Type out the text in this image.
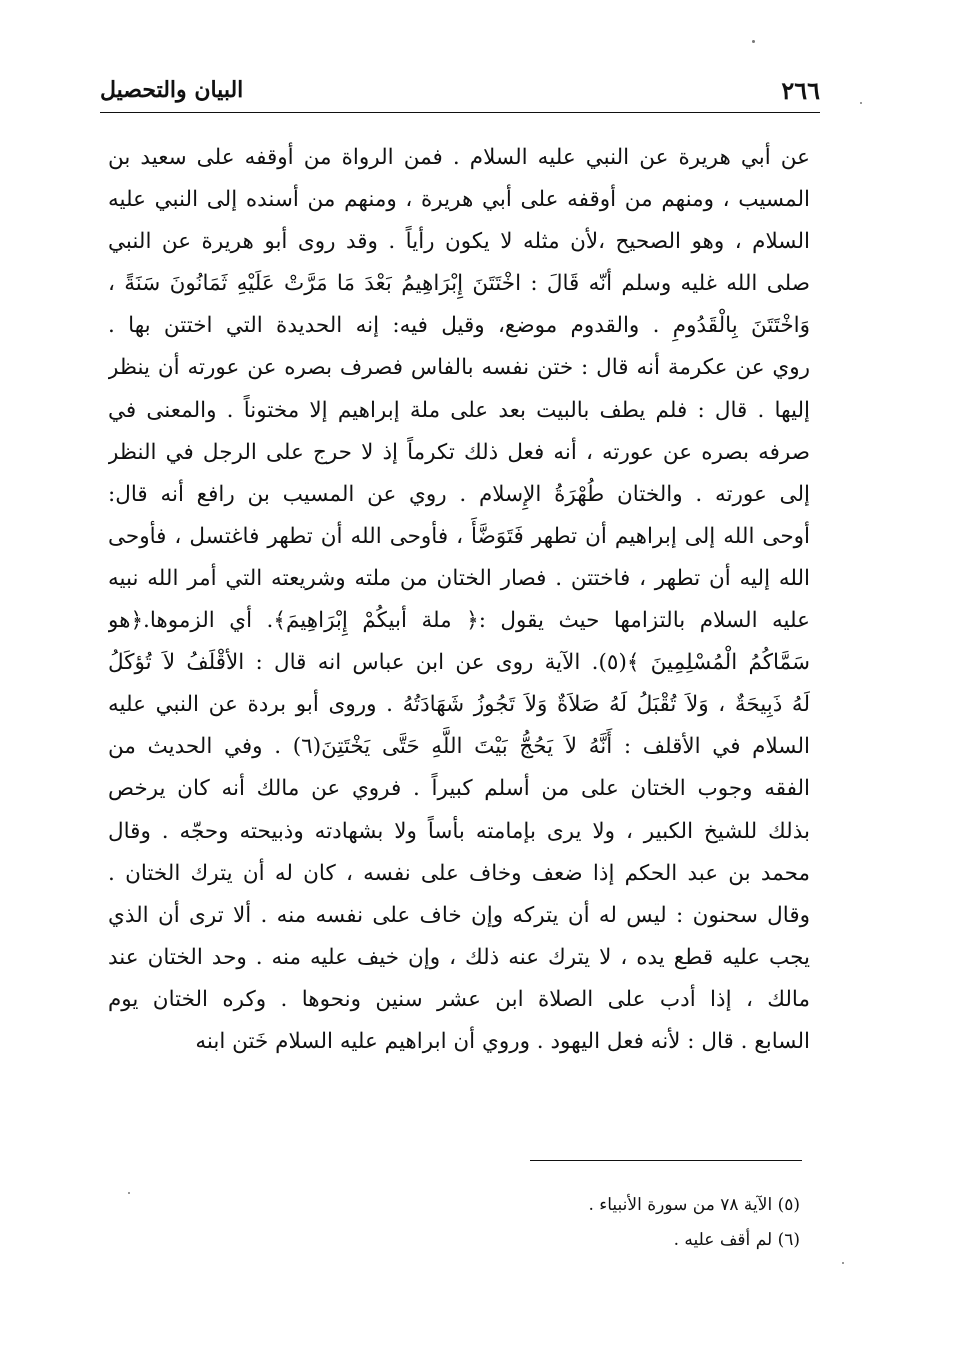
البيان والتحصيل	٢٦٦
عن أبي هريرة عن النبي عليه السلام . فمن الرواة من أوقفه على سعيد بن
المسيب ، ومنهم من أوقفه على أبي هريرة ، ومنهم من أسنده إلى النبي عليه
السلام ، وهو الصحيح ،لأن مثله لا يكون رأياً . وقد روى أبو هريرة عن النبي
صلى الله غليه وسلم أنّه قَالَ : اخْتَتَنَ إِبْرَاهِيمُ بَعْدَ مَا مَرَّتْ عَلَيْهِ ثَمَانُونَ سَنَةً ،
وَاخْتَتَنَ بِالْقَدُومِ . والقدوم موضع، وقيل فيه: إنه الحديدة التي اختتن بها .
روي عن عكرمة أنه قال : ختن نفسه بالفاس فصرف بصره عن عورته أن ينظر
إليها . قال : فلم يطف بالبيت بعد على ملة إبراهيم إلا مختوناً . والمعنى في
صرفه بصره عن عورته ، أنه فعل ذلك تكرماً إذ لا حرج على الرجل في النظر
إلى عورته . والختان طُهْرَةُ الإِسلام . روي عن المسيب بن رافع أنه قال:
أوحى الله إلى إبراهيم أن تطهر فَتَوَضَّأَ ، فأوحى الله أن تطهر فاغتسل ، فأوحى
الله إليه أن تطهر ، فاختتن . فصار الختان من ملته وشريعته التي أمر الله نبيه
عليه السلام بالتزامها حيث يقول :﴿ ملة أبيكُمْ إِبْرَاهِيمَ﴾. أي الزموها.﴿هو
سَمَّاكُمُ الْمُسْلِمِينَ ﴾(٥). الآية روى عن ابن عباس انه قال : الأقْلَفُ لاَ تُؤكَلُ
لَهُ ذَبِيحَةٌ ، وَلاَ تُقْبَلُ لَهُ صَلاَةٌ وَلاَ تَجُوزُ شَهَادَتُهُ . وروى أبو بردة عن النبي عليه
السلام في الأقلف : أَنَّهُ لاَ يَحُجُّ بَيْتَ اللَّهِ حَتَّى يَخْتَتِنَ(٦) . وفي الحديث من
الفقه وجوب الختان على من أسلم كبيراً . فروي عن مالك أنه كان يرخص
بذلك للشيخ الكبير ، ولا يرى بإمامته بأساً ولا بشهادته وذبيحته وحجّه . وقال
محمد بن عبد الحكم إذا ضعف وخاف على نفسه ، كان له أن يترك الختان .
وقال سحنون : ليس له أن يتركه وإن خاف على نفسه منه . ألا ترى أن الذي
يجب عليه قطع يده ، لا يترك عنه ذلك ، وإن خيف عليه منه . وحد الختان عند
مالك ، إذا أدب على الصلاة ابن عشر سنين ونحوها . وكره الختان يوم
السابع . قال : لأنه فعل اليهود . وروي أن ابراهيم عليه السلام خَتن ابنه
(٥) الآية ٧٨ من سورة الأنبياء .
(٦) لم أقف عليه .
